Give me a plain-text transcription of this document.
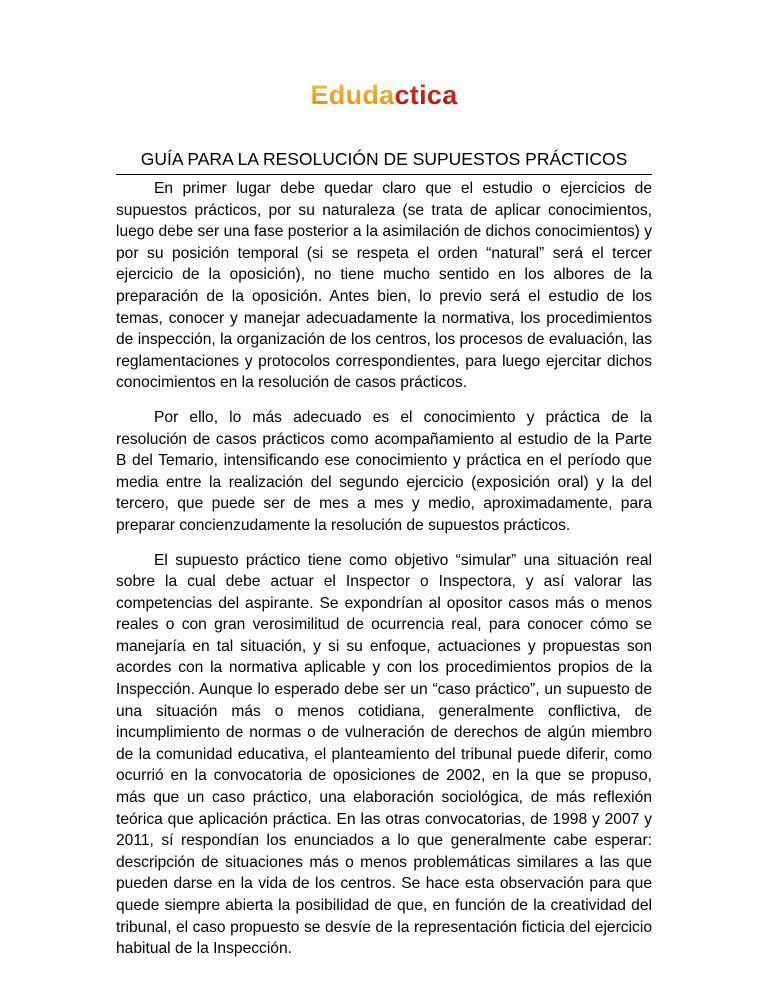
Edudactica
GUÍA PARA LA RESOLUCIÓN DE SUPUESTOS PRÁCTICOS

En primer lugar debe quedar claro que el estudio o ejercicios de supuestos prácticos, por su naturaleza (se trata de aplicar conocimientos, luego debe ser una fase posterior a la asimilación de dichos conocimientos) y por su posición temporal (si se respeta el orden “natural” será el tercer ejercicio de la oposición), no tiene mucho sentido en los albores de la preparación de la oposición. Antes bien, lo previo será el estudio de los temas, conocer y manejar adecuadamente la normativa, los procedimientos de inspección, la organización de los centros, los procesos de evaluación, las reglamentaciones y protocolos correspondientes, para luego ejercitar dichos conocimientos en la resolución de casos prácticos.

Por ello, lo más adecuado es el conocimiento y práctica de la resolución de casos prácticos como acompañamiento al estudio de la Parte B del Temario, intensificando ese conocimiento y práctica en el período que media entre la realización del segundo ejercicio (exposición oral) y la del tercero, que puede ser de mes a mes y medio, aproximadamente, para preparar concienzudamente la resolución de supuestos prácticos.

El supuesto práctico tiene como objetivo “simular” una situación real sobre la cual debe actuar el Inspector o Inspectora, y así valorar las competencias del aspirante. Se expondrían al opositor casos más o menos reales o con gran verosimilitud de ocurrencia real, para conocer cómo se manejaría en tal situación, y si su enfoque, actuaciones y propuestas son acordes con la normativa aplicable y con los procedimientos propios de la Inspección. Aunque lo esperado debe ser un “caso práctico”, un supuesto de una situación más o menos cotidiana, generalmente conflictiva, de incumplimiento de normas o de vulneración de derechos de algún miembro de la comunidad educativa, el planteamiento del tribunal puede diferir, como ocurrió en la convocatoria de oposiciones de 2002, en la que se propuso, más que un caso práctico, una elaboración sociológica, de más reflexión teórica que aplicación práctica. En las otras convocatorias, de 1998 y 2007 y 2011, sí respondían los enunciados a lo que generalmente cabe esperar: descripción de situaciones más o menos problemáticas similares a las que pueden darse en la vida de los centros. Se hace esta observación para que quede siempre abierta la posibilidad de que, en función de la creatividad del tribunal, el caso propuesto se desvíe de la representación ficticia del ejercicio habitual de la Inspección.
